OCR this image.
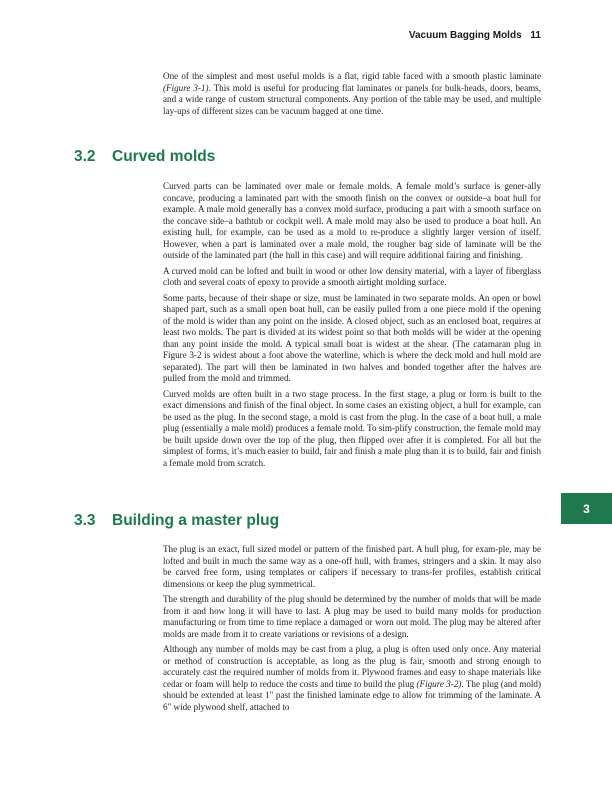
Vacuum Bagging Molds 11

One of the simplest and most useful molds is a flat, rigid table faced with a smooth plastic laminate (Figure 3-1). This mold is useful for producing flat laminates or panels for bulk-heads, doors, beams, and a wide range of custom structural components. Any portion of the table may be used, and multiple lay-ups of different sizes can be vacuum bagged at one time.

3.2 Curved molds

Curved parts can be laminated over male or female molds. A female mold’s surface is gener-ally concave, producing a laminated part with the smooth finish on the convex or outside–a boat hull for example. A male mold generally has a convex mold surface, producing a part with a smooth surface on the concave side–a bathtub or cockpit well. A male mold may also be used to produce a boat hull. An existing hull, for example, can be used as a mold to re-produce a slightly larger version of itself. However, when a part is laminated over a male mold, the rougher bag side of laminate will be the outside of the laminated part (the hull in this case) and will require additional fairing and finishing.

A curved mold can be lofted and built in wood or other low density material, with a layer of fiberglass cloth and several coats of epoxy to provide a smooth airtight molding surface.

Some parts, because of their shape or size, must be laminated in two separate molds. An open or bowl shaped part, such as a small open boat hull, can be easily pulled from a one piece mold if the opening of the mold is wider than any point on the inside. A closed object, such as an enclosed boat, requires at least two molds. The part is divided at its widest point so that both molds will be wider at the opening than any point inside the mold. A typical small boat is widest at the shear. (The catamaran plug in Figure 3-2 is widest about a foot above the waterline, which is where the deck mold and hull mold are separated). The part will then be laminated in two halves and bonded together after the halves are pulled from the mold and trimmed.

Curved molds are often built in a two stage process. In the first stage, a plug or form is built to the exact dimensions and finish of the final object. In some cases an existing object, a hull for example, can be used as the plug. In the second stage, a mold is cast from the plug. In the case of a boat hull, a male plug (essentially a male mold) produces a female mold. To sim-plify construction, the female mold may be built upside down over the top of the plug, then flipped over after it is completed. For all but the simplest of forms, it’s much easier to build, fair and finish a male plug than it is to build, fair and finish a female mold from scratch.

3
3.3 Building a master plug

The plug is an exact, full sized model or pattern of the finished part. A hull plug, for exam-ple, may be lofted and built in much the same way as a one-off hull, with frames, stringers and a skin. It may also be carved free form, using templates or calipers if necessary to trans-fer profiles, establish critical dimensions or keep the plug symmetrical.

The strength and durability of the plug should be determined by the number of molds that will be made from it and how long it will have to last. A plug may be used to build many molds for production manufacturing or from time to time replace a damaged or worn out mold. The plug may be altered after molds are made from it to create variations or revisions of a design.

Although any number of molds may be cast from a plug, a plug is often used only once. Any material or method of construction is acceptable, as long as the plug is fair, smooth and strong enough to accurately cast the required number of molds from it. Plywood frames and easy to shape materials like cedar or foam will help to reduce the costs and time to build the plug (Figure 3-2). The plug (and mold) should be extended at least 1" past the finished laminate edge to allow for trimming of the laminate. A 6" wide plywood shelf, attached to
